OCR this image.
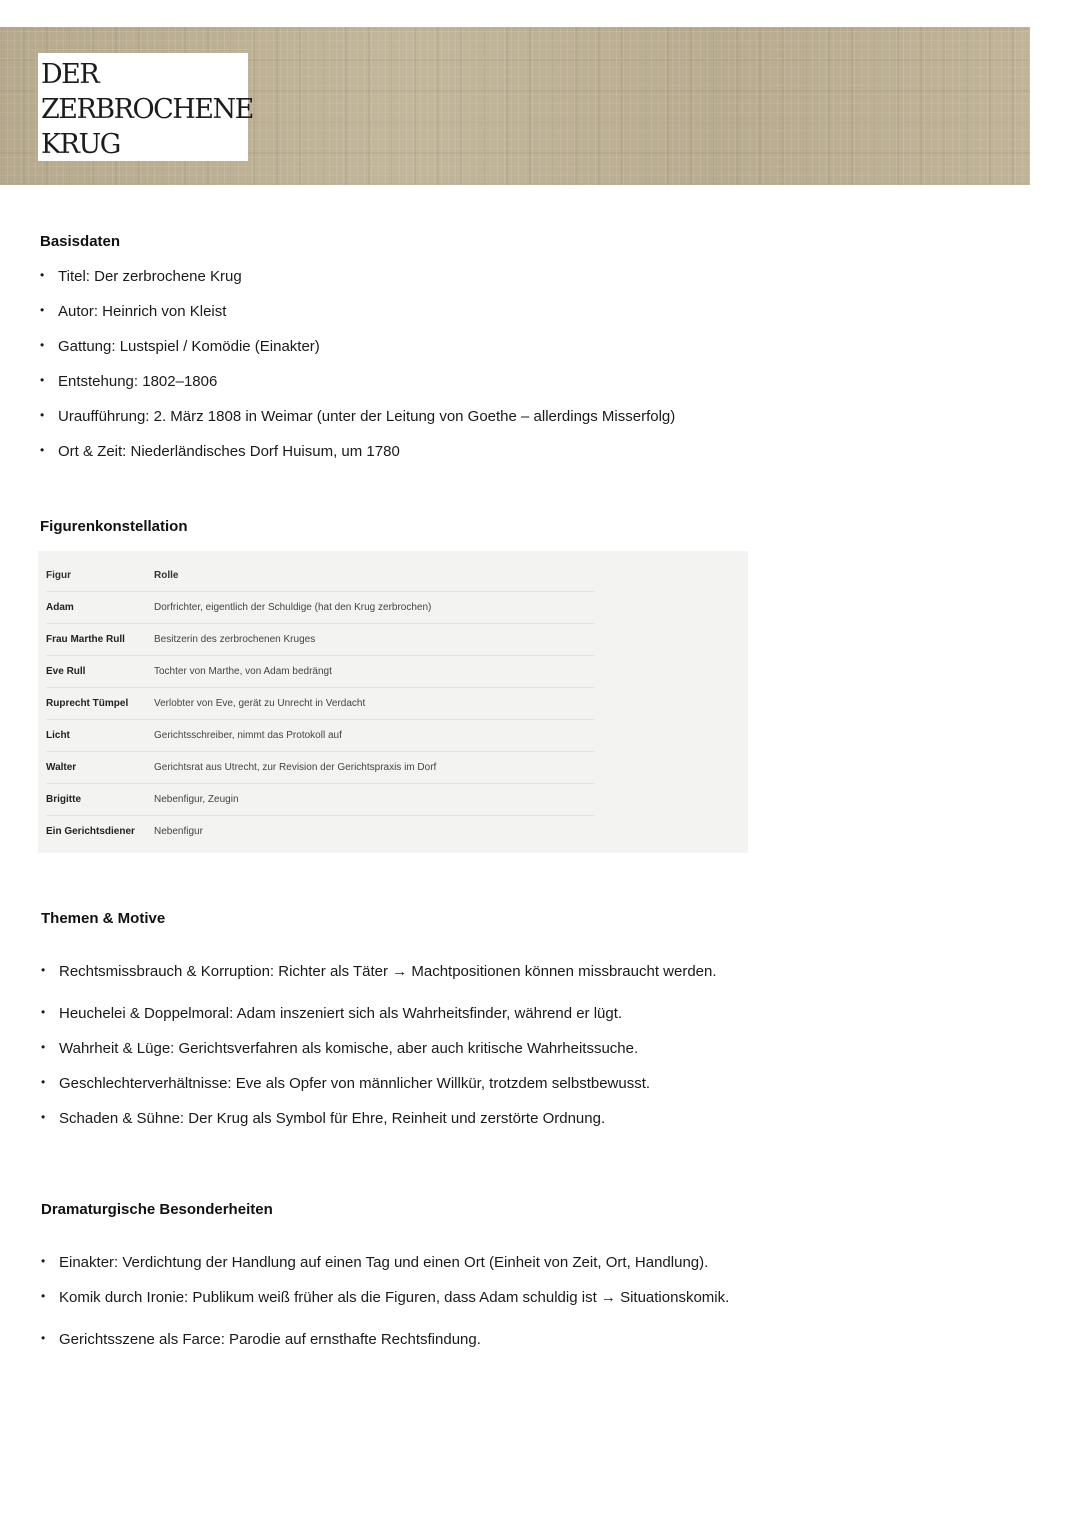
DER
ZERBROCHENE
KRUG
Basisdaten
• Titel: Der zerbrochene Krug
• Autor: Heinrich von Kleist
• Gattung: Lustspiel / Komödie (Einakter)
• Entstehung: 1802–1806
• Uraufführung: 2. März 1808 in Weimar (unter der Leitung von Goethe – allerdings Misserfolg)
• Ort & Zeit: Niederländisches Dorf Huisum, um 1780
Figurenkonstellation
Figur	Rolle
Adam	Dorfrichter, eigentlich der Schuldige (hat den Krug zerbrochen)
Frau Marthe Rull	Besitzerin des zerbrochenen Kruges
Eve Rull	Tochter von Marthe, von Adam bedrängt
Ruprecht Tümpel	Verlobter von Eve, gerät zu Unrecht in Verdacht
Licht	Gerichtsschreiber, nimmt das Protokoll auf
Walter	Gerichtsrat aus Utrecht, zur Revision der Gerichtspraxis im Dorf
Brigitte	Nebenfigur, Zeugin
Ein Gerichtsdiener	Nebenfigur
Themen & Motive
• Rechtsmissbrauch & Korruption: Richter als Täter → Machtpositionen können missbraucht werden.
• Heuchelei & Doppelmoral: Adam inszeniert sich als Wahrheitsfinder, während er lügt.
• Wahrheit & Lüge: Gerichtsverfahren als komische, aber auch kritische Wahrheitssuche.
• Geschlechterverhältnisse: Eve als Opfer von männlicher Willkür, trotzdem selbstbewusst.
• Schaden & Sühne: Der Krug als Symbol für Ehre, Reinheit und zerstörte Ordnung.
Dramaturgische Besonderheiten
• Einakter: Verdichtung der Handlung auf einen Tag und einen Ort (Einheit von Zeit, Ort, Handlung).
• Komik durch Ironie: Publikum weiß früher als die Figuren, dass Adam schuldig ist → Situationskomik.
• Gerichtsszene als Farce: Parodie auf ernsthafte Rechtsfindung.
